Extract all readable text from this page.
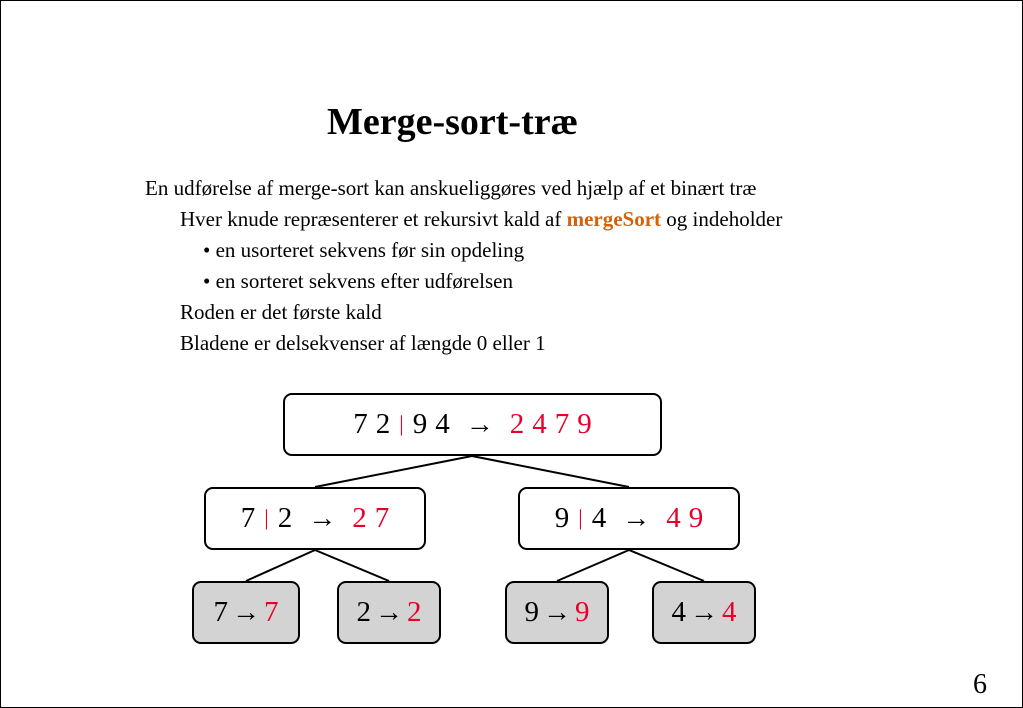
Merge-sort-træ
En udførelse af merge-sort kan anskueliggøres ved hjælp af et binært træ
Hver knude repræsenterer et rekursivt kald af mergeSort og indeholder
• en usorteret sekvens før sin opdeling
• en sorteret sekvens efter udførelsen
Roden er det første kald
Bladene er delsekvenser af længde 0 eller 1
7 2 | 9 4 → 2 4 7 9
7 | 2 → 2 7	9 | 4 → 4 9
7 → 7	2 → 2	9 → 9	4 → 4
6
